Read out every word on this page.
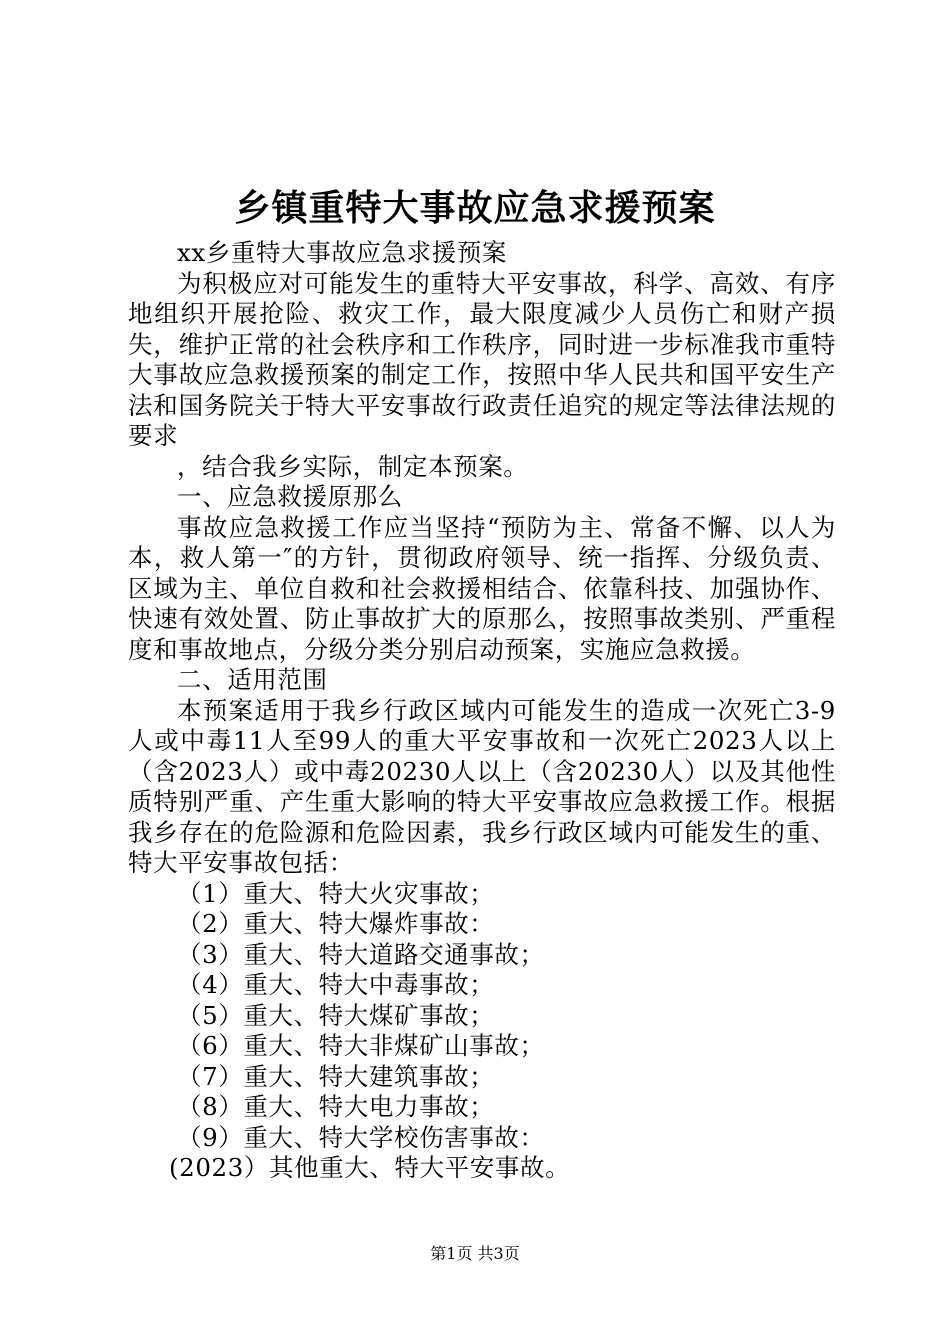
乡镇重特大事故应急求援预案

xx乡重特大事故应急求援预案

为积极应对可能发生的重特大平安事故，科学、高效、有序地组织开展抢险、救灾工作，最大限度减少人员伤亡和财产损失，维护正常的社会秩序和工作秩序，同时进一步标准我市重特大事故应急救援预案的制定工作，按照中华人民共和国平安生产法和国务院关于特大平安事故行政责任追究的规定等法律法规的要求

，结合我乡实际，制定本预案。

一、应急救援原那么

事故应急救援工作应当坚持“预防为主、常备不懈、以人为本，救人第一″的方针，贯彻政府领导、统一指挥、分级负责、区域为主、单位自救和社会救援相结合、依靠科技、加强协作、快速有效处置、防止事故扩大的原那么，按照事故类别、严重程度和事故地点，分级分类分别启动预案，实施应急救援。

二、适用范围

本预案适用于我乡行政区域内可能发生的造成一次死亡3-9人或中毒11人至99人的重大平安事故和一次死亡2023人以上（含2023人）或中毒20230人以上（含20230人）以及其他性质特别严重、产生重大影响的特大平安事故应急救援工作。根据我乡存在的危险源和危险因素，我乡行政区域内可能发生的重、特大平安事故包括：

（1）重大、特大火灾事故；

（2）重大、特大爆炸事故：

（3）重大、特大道路交通事故；

（4）重大、特大中毒事故；

（5）重大、特大煤矿事故；

（6）重大、特大非煤矿山事故；

（7）重大、特大建筑事故；

（8）重大、特大电力事故；

（9）重大、特大学校伤害事故：

(2023）其他重大、特大平安事故。

第1页 共3页
